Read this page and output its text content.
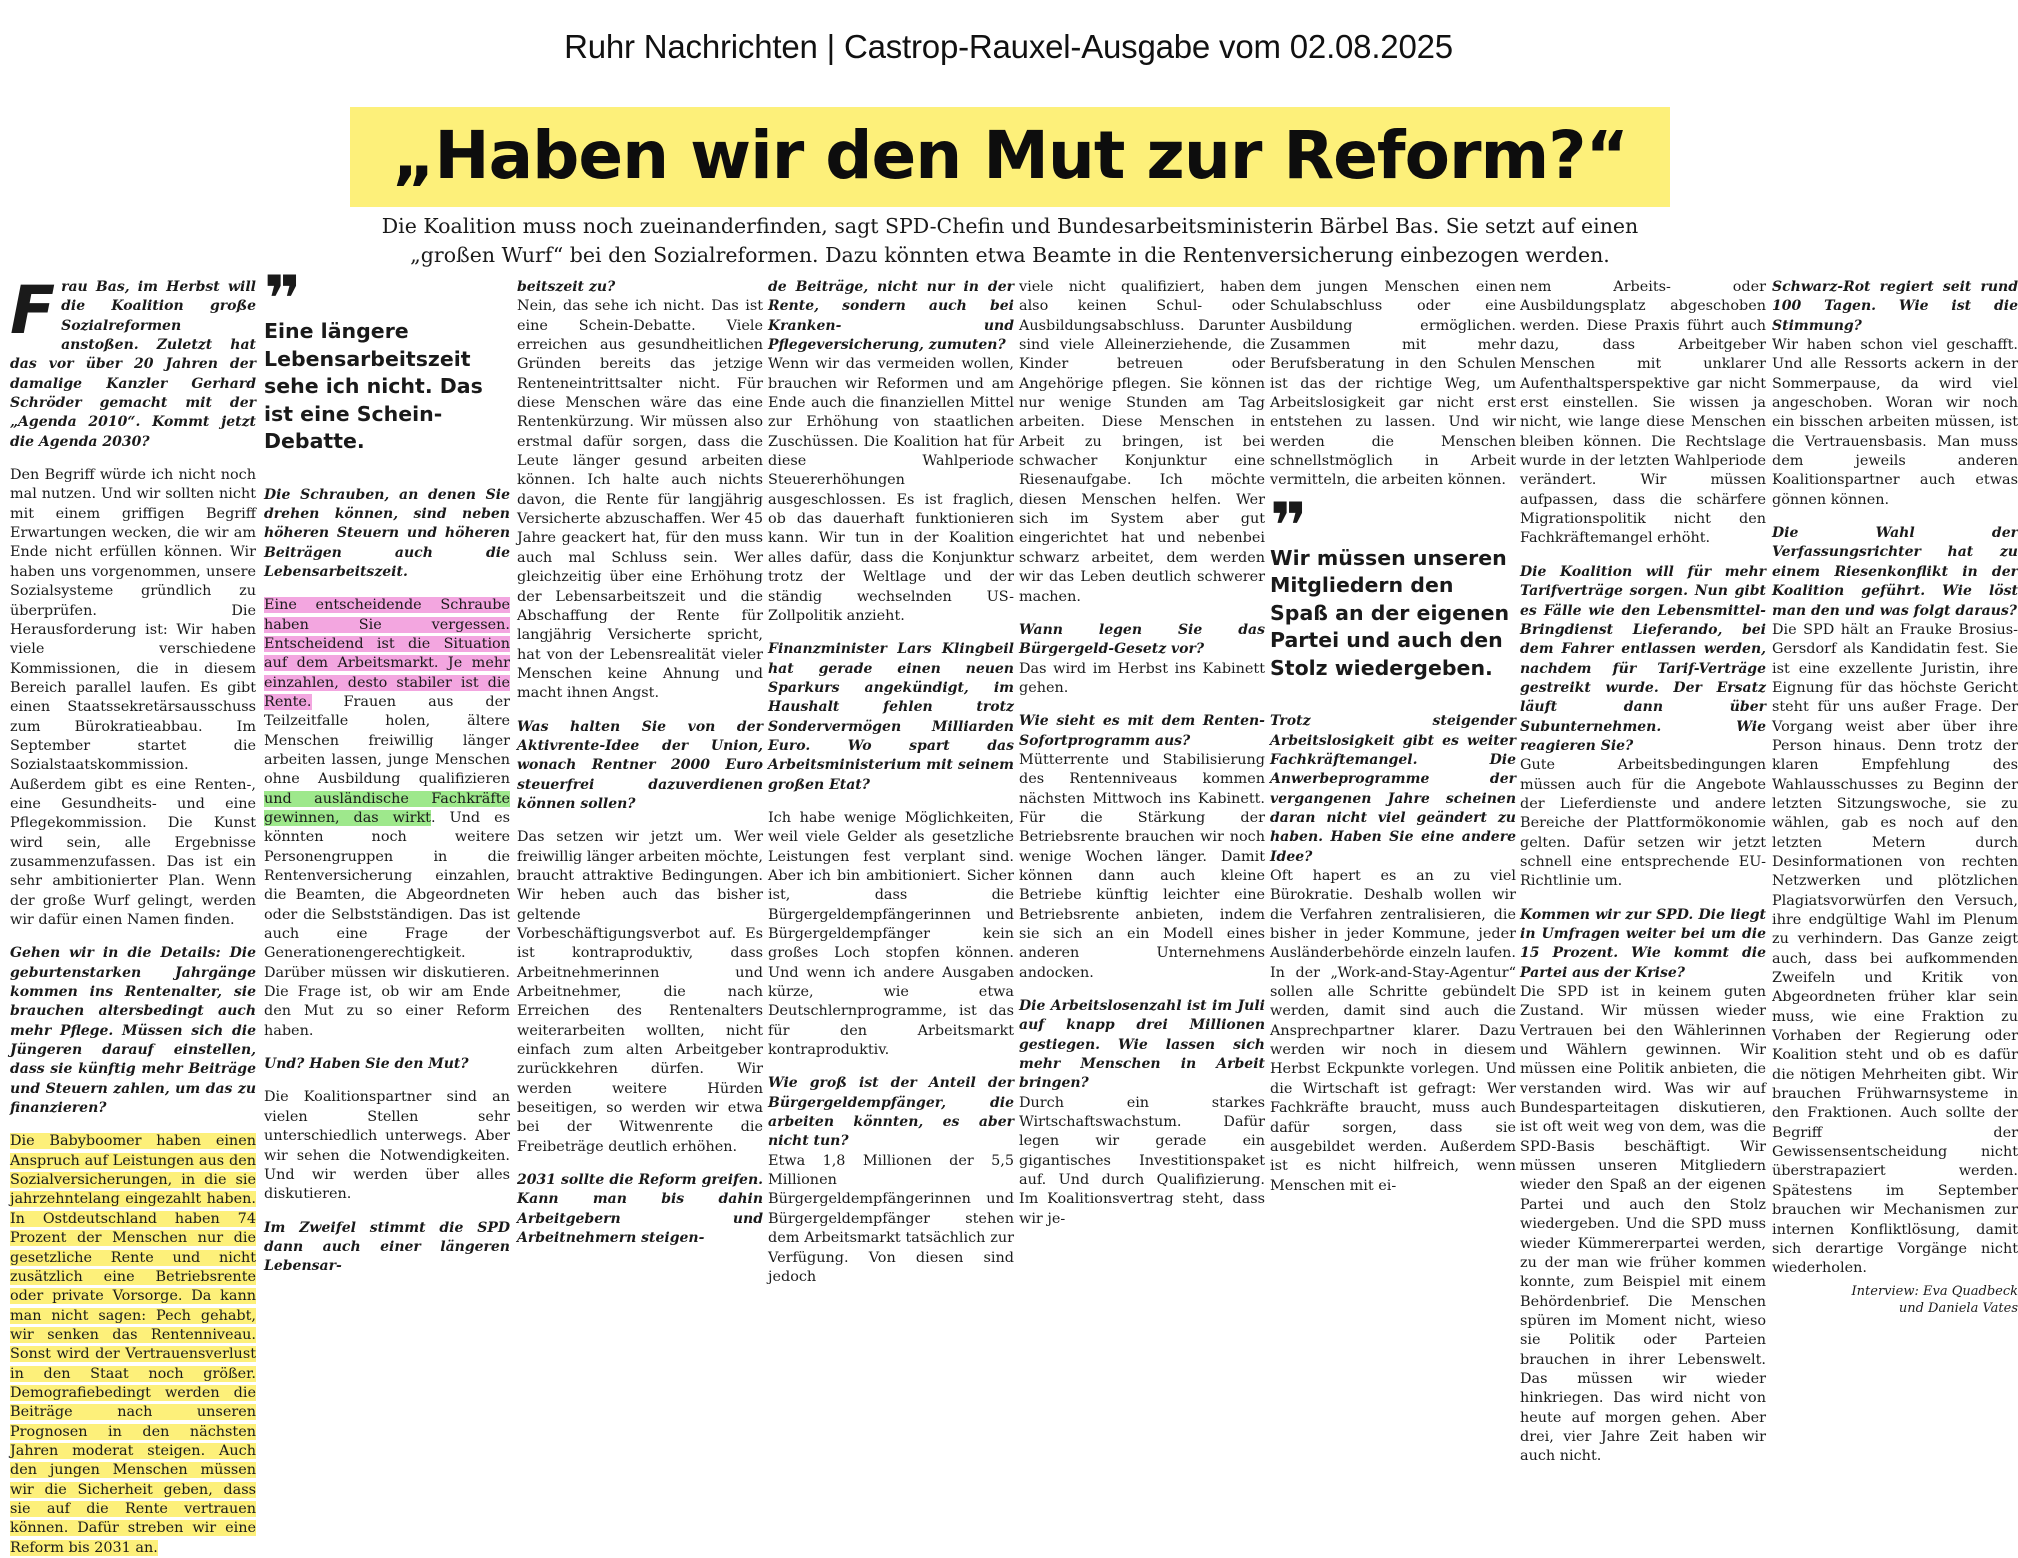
Ruhr Nachrichten | Castrop-Rauxel-Ausgabe vom 02.08.2025
„Haben wir den Mut zur Reform?“
Die Koalition muss noch zueinanderfinden, sagt SPD-Chefin und Bundesarbeitsministerin Bärbel Bas. Sie setzt auf einen
„großen Wurf“ bei den Sozialreformen. Dazu könnten etwa Beamte in die Rentenversicherung einbezogen werden.

Frau Bas, im Herbst will die Koalition große Sozialreformen anstoßen. Zuletzt hat das vor über 20 Jahren der damalige Kanzler Gerhard Schröder gemacht mit der „Agenda 2010“. Kommt jetzt die Agenda 2030?

Den Begriff würde ich nicht noch mal nutzen. Und wir sollten nicht mit einem griffigen Begriff Erwartungen wecken, die wir am Ende nicht erfüllen können. Wir haben uns vorgenommen, unsere Sozialsysteme gründlich zu überprüfen. Die Herausforderung ist: Wir haben viele verschiedene Kommissionen, die in diesem Bereich parallel laufen. Es gibt einen Staatssekretärsausschuss zum Bürokratieabbau. Im September startet die Sozialstaatskommission. Außerdem gibt es eine Renten-, eine Gesundheits- und eine Pflegekommission. Die Kunst wird sein, alle Ergebnisse zusammenzufassen. Das ist ein sehr ambitionierter Plan. Wenn der große Wurf gelingt, werden wir dafür einen Namen finden.

Gehen wir in die Details: Die geburtenstarken Jahrgänge kommen ins Rentenalter, sie brauchen altersbedingt auch mehr Pflege. Müssen sich die Jüngeren darauf einstellen, dass sie künftig mehr Beiträge und Steuern zahlen, um das zu finanzieren?

Die Babyboomer haben einen Anspruch auf Leistungen aus den Sozialversicherungen, in die sie jahrzehntelang eingezahlt haben. In Ostdeutschland haben 74 Prozent der Menschen nur die gesetzliche Rente und nicht zusätzlich eine Betriebsrente oder private Vorsorge. Da kann man nicht sagen: Pech gehabt, wir senken das Rentenniveau. Sonst wird der Vertrauensverlust in den Staat noch größer. Demografiebedingt werden die Beiträge nach unseren Prognosen in den nächsten Jahren moderat steigen. Auch den jungen Menschen müssen wir die Sicherheit geben, dass sie auf die Rente vertrauen können. Dafür streben wir eine Reform bis 2031 an.

❞
Eine längere Lebensarbeitszeit sehe ich nicht. Das ist eine Schein-Debatte.

Die Schrauben, an denen Sie drehen können, sind neben höheren Steuern und höheren Beiträgen auch die Lebensarbeitszeit.

Eine entscheidende Schraube haben Sie vergessen. Entscheidend ist die Situation auf dem Arbeitsmarkt. Je mehr einzahlen, desto stabiler ist die Rente. Frauen aus der Teilzeitfalle holen, ältere Menschen freiwillig länger arbeiten lassen, junge Menschen ohne Ausbildung qualifizieren und ausländische Fachkräfte gewinnen, das wirkt. Und es könnten noch weitere Personengruppen in die Rentenversicherung einzahlen, die Beamten, die Abgeordneten oder die Selbstständigen. Das ist auch eine Frage der Generationengerechtigkeit. Darüber müssen wir diskutieren. Die Frage ist, ob wir am Ende den Mut zu so einer Reform haben.

Und? Haben Sie den Mut?

Die Koalitionspartner sind an vielen Stellen sehr unterschiedlich unterwegs. Aber wir sehen die Notwendigkeiten. Und wir werden über alles diskutieren.

Im Zweifel stimmt die SPD dann auch einer längeren Lebensar-

beitszeit zu?

Nein, das sehe ich nicht. Das ist eine Schein-Debatte. Viele erreichen aus gesundheitlichen Gründen bereits das jetzige Renteneintrittsalter nicht. Für diese Menschen wäre das eine Rentenkürzung. Wir müssen also erstmal dafür sorgen, dass die Leute länger gesund arbeiten können. Ich halte auch nichts davon, die Rente für langjährig Versicherte abzuschaffen. Wer 45 Jahre geackert hat, für den muss auch mal Schluss sein. Wer gleichzeitig über eine Erhöhung der Lebensarbeitszeit und die Abschaffung der Rente für langjährig Versicherte spricht, hat von der Lebensrealität vieler Menschen keine Ahnung und macht ihnen Angst.

Was halten Sie von der Aktivrente-Idee der Union, wonach Rentner 2000 Euro steuerfrei dazuverdienen können sollen?

Das setzen wir jetzt um. Wer freiwillig länger arbeiten möchte, braucht attraktive Bedingungen. Wir heben auch das bisher geltende Vorbeschäftigungsverbot auf. Es ist kontraproduktiv, dass Arbeitnehmerinnen und Arbeitnehmer, die nach Erreichen des Rentenalters weiterarbeiten wollten, nicht einfach zum alten Arbeitgeber zurückkehren dürfen. Wir werden weitere Hürden beseitigen, so werden wir etwa bei der Witwenrente die Freibeträge deutlich erhöhen.

2031 sollte die Reform greifen. Kann man bis dahin Arbeitgebern und Arbeitnehmern steigen-

de Beiträge, nicht nur in der Rente, sondern auch bei Kranken- und Pflegeversicherung, zumuten?

Wenn wir das vermeiden wollen, brauchen wir Reformen und am Ende auch die finanziellen Mittel zur Erhöhung von staatlichen Zuschüssen. Die Koalition hat für diese Wahlperiode Steuererhöhungen ausgeschlossen. Es ist fraglich, ob das dauerhaft funktionieren kann. Wir tun in der Koalition alles dafür, dass die Konjunktur trotz der Weltlage und der ständig wechselnden US-Zollpolitik anzieht.

Finanzminister Lars Klingbeil hat gerade einen neuen Sparkurs angekündigt, im Haushalt fehlen trotz Sondervermögen Milliarden Euro. Wo spart das Arbeitsministerium mit seinem großen Etat?

Ich habe wenige Möglichkeiten, weil viele Gelder als gesetzliche Leistungen fest verplant sind. Aber ich bin ambitioniert. Sicher ist, dass die Bürgergeldempfängerinnen und Bürgergeldempfänger kein großes Loch stopfen können. Und wenn ich andere Ausgaben kürze, wie etwa Deutschlernprogramme, ist das für den Arbeitsmarkt kontraproduktiv.

Wie groß ist der Anteil der Bürgergeldempfänger, die arbeiten könnten, es aber nicht tun?

Etwa 1,8 Millionen der 5,5 Millionen Bürgergeldempfängerinnen und Bürgergeldempfänger stehen dem Arbeitsmarkt tatsächlich zur Verfügung. Von diesen sind jedoch

viele nicht qualifiziert, haben also keinen Schul- oder Ausbildungsabschluss. Darunter sind viele Alleinerziehende, die Kinder betreuen oder Angehörige pflegen. Sie können nur wenige Stunden am Tag arbeiten. Diese Menschen in Arbeit zu bringen, ist bei schwacher Konjunktur eine Riesenaufgabe. Ich möchte diesen Menschen helfen. Wer sich im System aber gut eingerichtet hat und nebenbei schwarz arbeitet, dem werden wir das Leben deutlich schwerer machen.

Wann legen Sie das Bürgergeld-Gesetz vor?

Das wird im Herbst ins Kabinett gehen.

Wie sieht es mit dem Renten-Sofortprogramm aus?

Mütterrente und Stabilisierung des Rentenniveaus kommen nächsten Mittwoch ins Kabinett. Für die Stärkung der Betriebsrente brauchen wir noch wenige Wochen länger. Damit können dann auch kleine Betriebe künftig leichter eine Betriebsrente anbieten, indem sie sich an ein Modell eines anderen Unternehmens andocken.

Die Arbeitslosenzahl ist im Juli auf knapp drei Millionen gestiegen. Wie lassen sich mehr Menschen in Arbeit bringen?

Durch ein starkes Wirtschaftswachstum. Dafür legen wir gerade ein gigantisches Investitionspaket auf. Und durch Qualifizierung. Im Koalitionsvertrag steht, dass wir je-

dem jungen Menschen einen Schulabschluss oder eine Ausbildung ermöglichen. Zusammen mit mehr Berufsberatung in den Schulen ist das der richtige Weg, um Arbeitslosigkeit gar nicht erst entstehen zu lassen. Und wir werden die Menschen schnellstmöglich in Arbeit vermitteln, die arbeiten können.

❞
Wir müssen unseren Mitgliedern den Spaß an der eigenen Partei und auch den Stolz wiedergeben.

Trotz steigender Arbeitslosigkeit gibt es weiter Fachkräftemangel. Die Anwerbeprogramme der vergangenen Jahre scheinen daran nicht viel geändert zu haben. Haben Sie eine andere Idee?

Oft hapert es an zu viel Bürokratie. Deshalb wollen wir die Verfahren zentralisieren, die bisher in jeder Kommune, jeder Ausländerbehörde einzeln laufen. In der „Work-and-Stay-Agentur“ sollen alle Schritte gebündelt werden, damit sind auch die Ansprechpartner klarer. Dazu werden wir noch in diesem Herbst Eckpunkte vorlegen. Und die Wirtschaft ist gefragt: Wer Fachkräfte braucht, muss auch dafür sorgen, dass sie ausgebildet werden. Außerdem ist es nicht hilfreich, wenn Menschen mit ei-

nem Arbeits- oder Ausbildungsplatz abgeschoben werden. Diese Praxis führt auch dazu, dass Arbeitgeber Menschen mit unklarer Aufenthaltsperspektive gar nicht erst einstellen. Sie wissen ja nicht, wie lange diese Menschen bleiben können. Die Rechtslage wurde in der letzten Wahlperiode verändert. Wir müssen aufpassen, dass die schärfere Migrationspolitik nicht den Fachkräftemangel erhöht.

Die Koalition will für mehr Tarifverträge sorgen. Nun gibt es Fälle wie den Lebensmittel-Bringdienst Lieferando, bei dem Fahrer entlassen werden, nachdem für Tarif-Verträge gestreikt wurde. Der Ersatz läuft dann über Subunternehmen. Wie reagieren Sie?

Gute Arbeitsbedingungen müssen auch für die Angebote der Lieferdienste und andere Bereiche der Plattformökonomie gelten. Dafür setzen wir jetzt schnell eine entsprechende EU-Richtlinie um.

Kommen wir zur SPD. Die liegt in Umfragen weiter bei um die 15 Prozent. Wie kommt die Partei aus der Krise?

Die SPD ist in keinem guten Zustand. Wir müssen wieder Vertrauen bei den Wählerinnen und Wählern gewinnen. Wir müssen eine Politik anbieten, die verstanden wird. Was wir auf Bundesparteitagen diskutieren, ist oft weit weg von dem, was die SPD-Basis beschäftigt. Wir müssen unseren Mitgliedern wieder den Spaß an der eigenen Partei und auch den Stolz wiedergeben. Und die SPD muss wieder Kümmererpartei werden, zu der man wie früher kommen konnte, zum Beispiel mit einem Behördenbrief. Die Menschen spüren im Moment nicht, wieso sie Politik oder Parteien brauchen in ihrer Lebenswelt. Das müssen wir wieder hinkriegen. Das wird nicht von heute auf morgen gehen. Aber drei, vier Jahre Zeit haben wir auch nicht.

Schwarz-Rot regiert seit rund 100 Tagen. Wie ist die Stimmung?

Wir haben schon viel geschafft. Und alle Ressorts ackern in der Sommerpause, da wird viel angeschoben. Woran wir noch ein bisschen arbeiten müssen, ist die Vertrauensbasis. Man muss dem jeweils anderen Koalitionspartner auch etwas gönnen können.

Die Wahl der Verfassungsrichter hat zu einem Riesenkonflikt in der Koalition geführt. Wie löst man den und was folgt daraus?

Die SPD hält an Frauke Brosius-Gersdorf als Kandidatin fest. Sie ist eine exzellente Juristin, ihre Eignung für das höchste Gericht steht für uns außer Frage. Der Vorgang weist aber über ihre Person hinaus. Denn trotz der klaren Empfehlung des Wahlausschusses zu Beginn der letzten Sitzungswoche, sie zu wählen, gab es noch auf den letzten Metern durch Desinformationen von rechten Netzwerken und plötzlichen Plagiatsvorwürfen den Versuch, ihre endgültige Wahl im Plenum zu verhindern. Das Ganze zeigt auch, dass bei aufkommenden Zweifeln und Kritik von Abgeordneten früher klar sein muss, wie eine Fraktion zu Vorhaben der Regierung oder Koalition steht und ob es dafür die nötigen Mehrheiten gibt. Wir brauchen Frühwarnsysteme in den Fraktionen. Auch sollte der Begriff der Gewissensentscheidung nicht überstrapaziert werden. Spätestens im September brauchen wir Mechanismen zur internen Konfliktlösung, damit sich derartige Vorgänge nicht wiederholen.

Interview: Eva Quadbeck
und Daniela Vates
